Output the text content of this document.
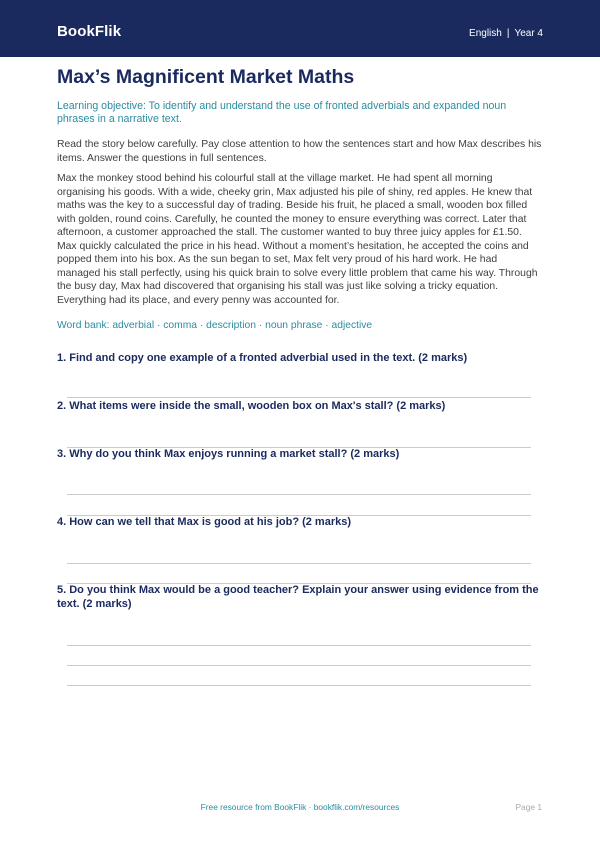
BookFlik	English | Year 4
Max’s Magnificent Market Maths

Learning objective: To identify and understand the use of fronted adverbials and expanded noun phrases in a narrative text.

Read the story below carefully. Pay close attention to how the sentences start and how Max describes his items. Answer the questions in full sentences.

Max the monkey stood behind his colourful stall at the village market. He had spent all morning organising his goods. With a wide, cheeky grin, Max adjusted his pile of shiny, red apples. He knew that maths was the key to a successful day of trading. Beside his fruit, he placed a small, wooden box filled with golden, round coins. Carefully, he counted the money to ensure everything was correct. Later that afternoon, a customer approached the stall. The customer wanted to buy three juicy apples for £1.50. Max quickly calculated the price in his head. Without a moment’s hesitation, he accepted the coins and popped them into his box. As the sun began to set, Max felt very proud of his hard work. He had managed his stall perfectly, using his quick brain to solve every little problem that came his way. Through the busy day, Max had discovered that organising his stall was just like solving a tricky equation. Everything had its place, and every penny was accounted for.

Word bank: adverbial · comma · description · noun phrase · adjective

1. Find and copy one example of a fronted adverbial used in the text. (2 marks)

2. What items were inside the small, wooden box on Max's stall? (2 marks)

3. Why do you think Max enjoys running a market stall? (2 marks)

4. How can we tell that Max is good at his job? (2 marks)

5. Do you think Max would be a good teacher? Explain your answer using evidence from the text. (2 marks)

Free resource from BookFlik · bookflik.com/resources	Page 1
